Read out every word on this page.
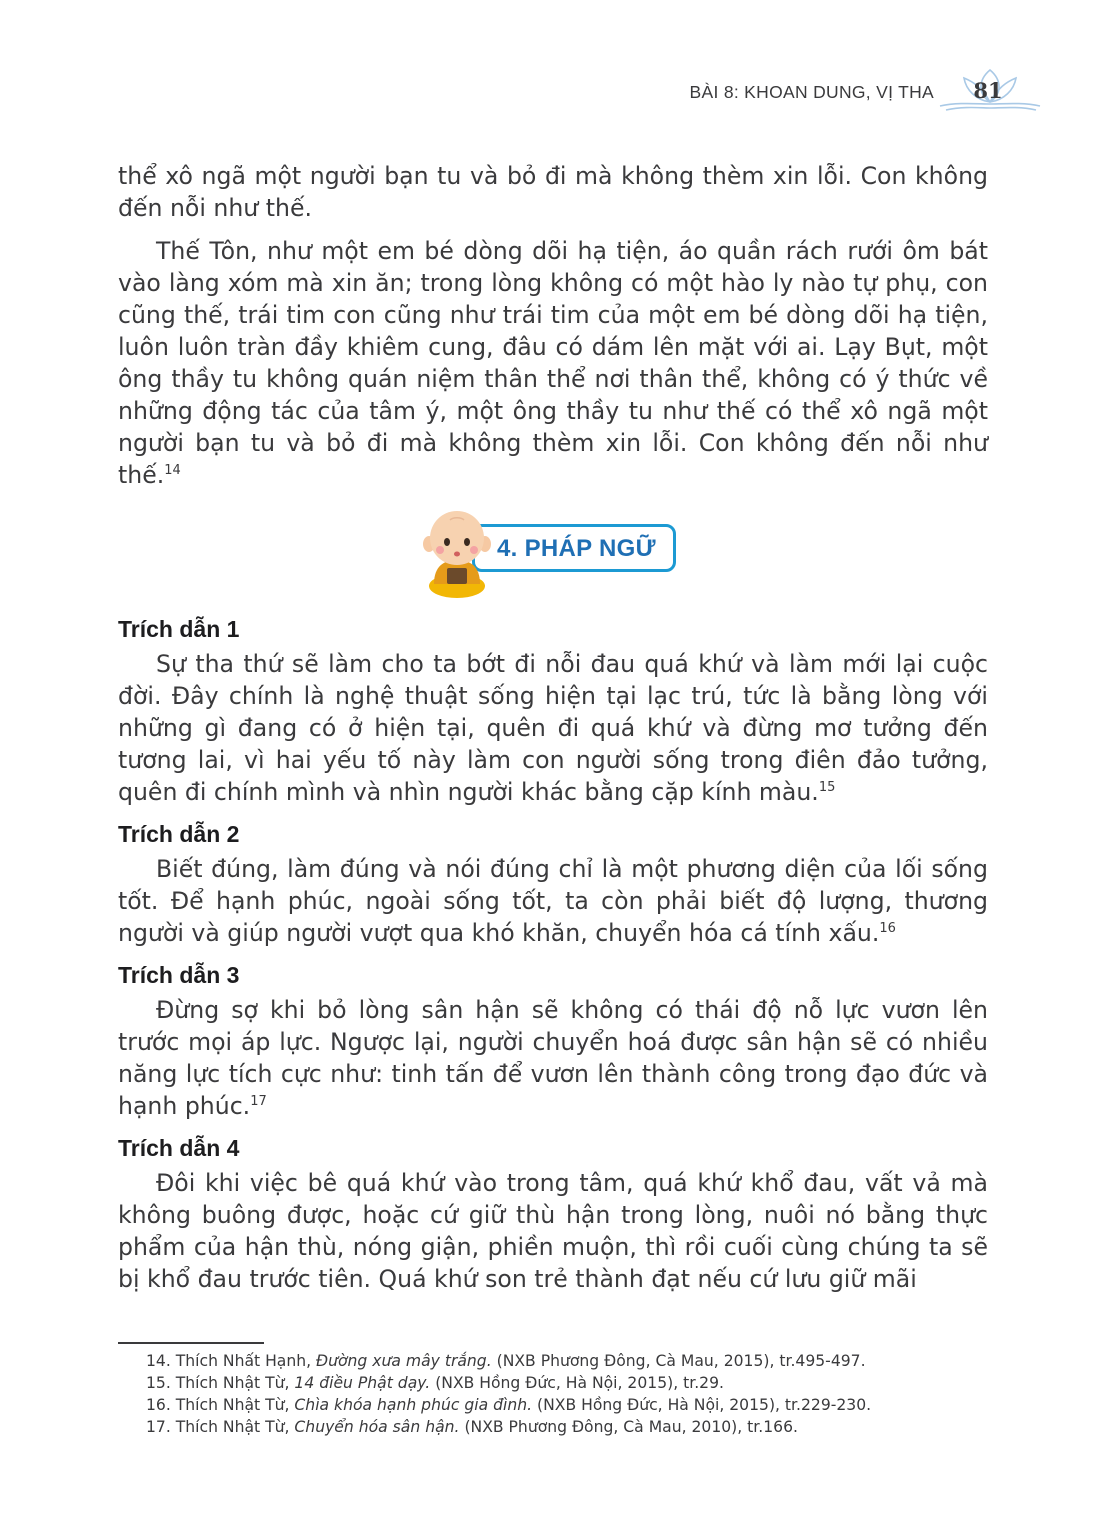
BÀI 8: KHOAN DUNG, VỊ THA	81

thể xô ngã một người bạn tu và bỏ đi mà không thèm xin lỗi. Con không đến nỗi như thế.

Thế Tôn, như một em bé dòng dõi hạ tiện, áo quần rách rưới ôm bát vào làng xóm mà xin ăn; trong lòng không có một hào ly nào tự phụ, con cũng thế, trái tim con cũng như trái tim của một em bé dòng dõi hạ tiện, luôn luôn tràn đầy khiêm cung, đâu có dám lên mặt với ai. Lạy Bụt, một ông thầy tu không quán niệm thân thể nơi thân thể, không có ý thức về những động tác của tâm ý, một ông thầy tu như thế có thể xô ngã một người bạn tu và bỏ đi mà không thèm xin lỗi. Con không đến nỗi như thế.$^{14}$

4. PHÁP NGỮ
Trích dẫn 1

Sự tha thứ sẽ làm cho ta bớt đi nỗi đau quá khứ và làm mới lại cuộc đời. Đây chính là nghệ thuật sống hiện tại lạc trú, tức là bằng lòng với những gì đang có ở hiện tại, quên đi quá khứ và đừng mơ tưởng đến tương lai, vì hai yếu tố này làm con người sống trong điên đảo tưởng, quên đi chính mình và nhìn người khác bằng cặp kính màu.$^{15}$

Trích dẫn 2

Biết đúng, làm đúng và nói đúng chỉ là một phương diện của lối sống tốt. Để hạnh phúc, ngoài sống tốt, ta còn phải biết độ lượng, thương người và giúp người vượt qua khó khăn, chuyển hóa cá tính xấu.$^{16}$

Trích dẫn 3

Đừng sợ khi bỏ lòng sân hận sẽ không có thái độ nỗ lực vươn lên trước mọi áp lực. Ngược lại, người chuyển hoá được sân hận sẽ có nhiều năng lực tích cực như: tinh tấn để vươn lên thành công trong đạo đức và hạnh phúc.$^{17}$

Trích dẫn 4

Đôi khi việc bê quá khứ vào trong tâm, quá khứ khổ đau, vất vả mà không buông được, hoặc cứ giữ thù hận trong lòng, nuôi nó bằng thực phẩm của hận thù, nóng giận, phiền muộn, thì rồi cuối cùng chúng ta sẽ bị khổ đau trước tiên. Quá khứ son trẻ thành đạt nếu cứ lưu giữ mãi

14. Thích Nhất Hạnh, Đường xưa mây trắng. (NXB Phương Đông, Cà Mau, 2015), tr.495-497.
15. Thích Nhật Từ, 14 điều Phật dạy. (NXB Hồng Đức, Hà Nội, 2015), tr.29.
16. Thích Nhật Từ, Chìa khóa hạnh phúc gia đình. (NXB Hồng Đức, Hà Nội, 2015), tr.229-230.
17. Thích Nhật Từ, Chuyển hóa sân hận. (NXB Phương Đông, Cà Mau, 2010), tr.166.
